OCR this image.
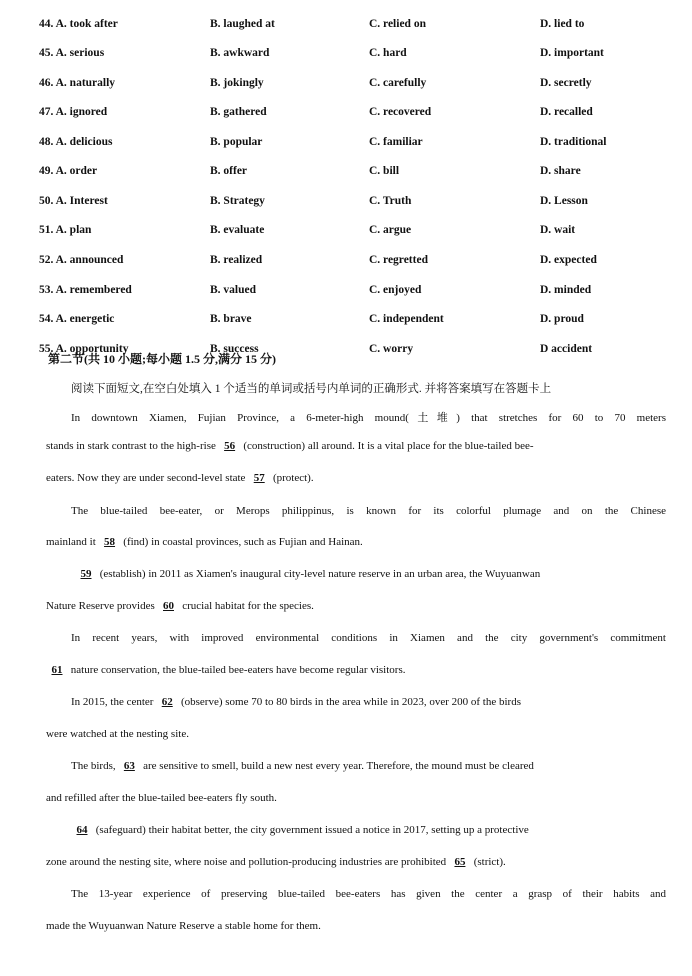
44. A. took after	B. laughed at	C. relied on	D. lied to
45. A. serious	B. awkward	C. hard	D. important
46. A. naturally	B. jokingly	C. carefully	D. secretly
47. A. ignored	B. gathered	C. recovered	D. recalled
48. A. delicious	B. popular	C. familiar	D. traditional
49. A. order	B. offer	C. bill	D. share
50. A. Interest	B. Strategy	C. Truth	D. Lesson
51. A. plan	B. evaluate	C. argue	D. wait
52. A. announced	B. realized	C. regretted	D. expected
53. A. remembered	B. valued	C. enjoyed	D. minded
54. A. energetic	B. brave	C. independent	D. proud
55. A. opportunity	B. success	C. worry	D accident
第二节(共 10 小题;每小题 1.5 分,满分 15 分)
阅读下面短文,在空白处填入 1 个适当的单词或括号内单词的正确形式. 并将答案填写在答题卡上
In downtown Xiamen, Fujian Province, a 6-meter-high mound(土堆) that stretches for 60 to 70 meters
stands in stark contrast to the high-rise 56 (construction) all around. It is a vital place for the blue-tailed bee-
eaters. Now they are under second-level state 57 (protect).
The blue-tailed bee-eater, or Merops philippinus, is known for its colorful plumage and on the Chinese
mainland it 58 (find) in coastal provinces, such as Fujian and Hainan.
59 (establish) in 2011 as Xiamen's inaugural city-level nature reserve in an urban area, the Wuyuanwan
Nature Reserve provides 60 crucial habitat for the species.
In recent years, with improved environmental conditions in Xiamen and the city government's commitment
61 nature conservation, the blue-tailed bee-eaters have become regular visitors.
In 2015, the center 62 (observe) some 70 to 80 birds in the area while in 2023, over 200 of the birds
were watched at the nesting site.
The birds, 63 are sensitive to smell, build a new nest every year. Therefore, the mound must be cleared
and refilled after the blue-tailed bee-eaters fly south.
64 (safeguard) their habitat better, the city government issued a notice in 2017, setting up a protective
zone around the nesting site, where noise and pollution-producing industries are prohibited 65 (strict).
The 13-year experience of preserving blue-tailed bee-eaters has given the center a grasp of their habits and
made the Wuyuanwan Nature Reserve a stable home for them.
